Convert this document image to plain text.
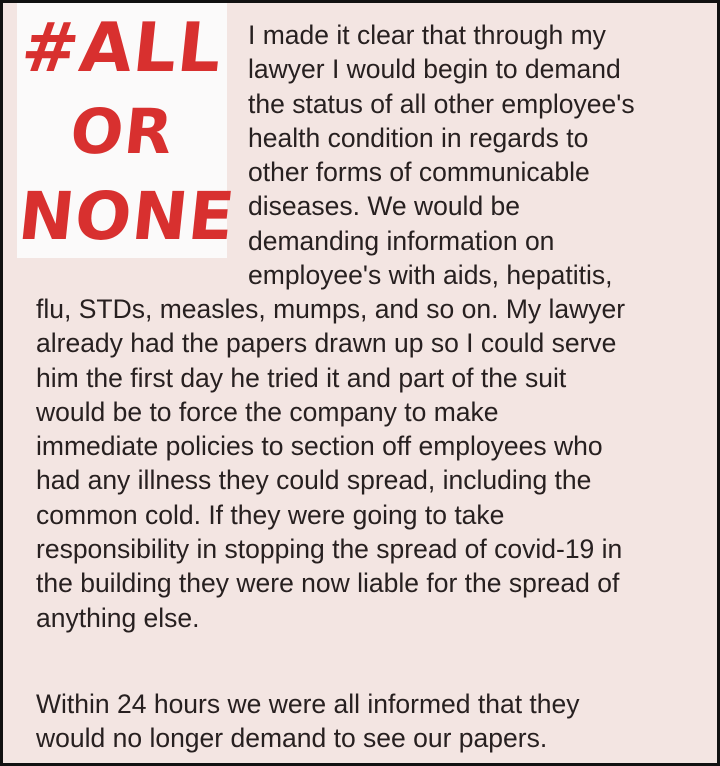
#ALL
OR
NONE
I made it clear that through my
lawyer I would begin to demand
the status of all other employee's
health condition in regards to
other forms of communicable
diseases. We would be
demanding information on
employee's with aids, hepatitis,
flu, STDs, measles, mumps, and so on. My lawyer
already had the papers drawn up so I could serve
him the first day he tried it and part of the suit
would be to force the company to make
immediate policies to section off employees who
had any illness they could spread, including the
common cold. If they were going to take
responsibility in stopping the spread of covid-19 in
the building they were now liable for the spread of
anything else.
Within 24 hours we were all informed that they
would no longer demand to see our papers.
